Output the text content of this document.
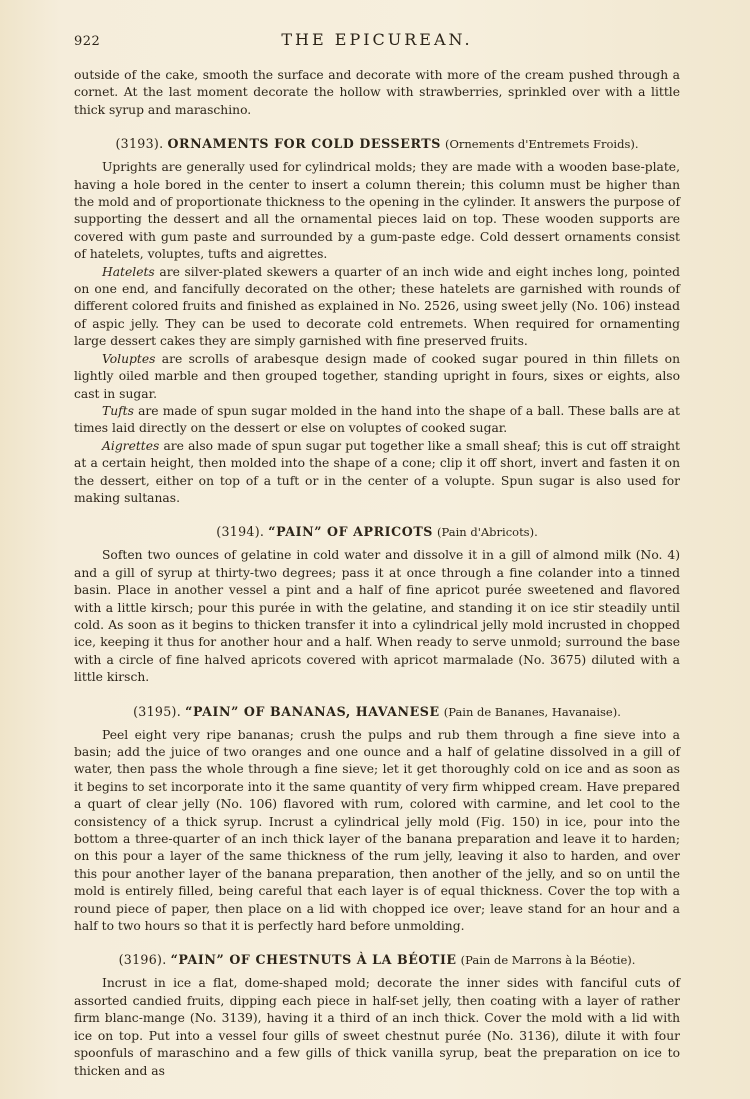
922	THE EPICUREAN.

outside of the cake, smooth the surface and decorate with more of the cream pushed through a cornet. At the last moment decorate the hollow with strawberries, sprinkled over with a little thick syrup and maraschino.

(3193). ORNAMENTS FOR COLD DESSERTS (Ornements d'Entremets Froids).

Uprights are generally used for cylindrical molds; they are made with a wooden base-plate, having a hole bored in the center to insert a column therein; this column must be higher than the mold and of proportionate thickness to the opening in the cylinder. It answers the purpose of supporting the dessert and all the ornamental pieces laid on top. These wooden supports are covered with gum paste and surrounded by a gum-paste edge. Cold dessert ornaments consist of hatelets, voluptes, tufts and aigrettes.

Hatelets are silver-plated skewers a quarter of an inch wide and eight inches long, pointed on one end, and fancifully decorated on the other; these hatelets are garnished with rounds of different colored fruits and finished as explained in No. 2526, using sweet jelly (No. 106) instead of aspic jelly. They can be used to decorate cold entremets. When required for ornamenting large dessert cakes they are simply garnished with fine preserved fruits.

Voluptes are scrolls of arabesque design made of cooked sugar poured in thin fillets on lightly oiled marble and then grouped together, standing upright in fours, sixes or eights, also cast in sugar.

Tufts are made of spun sugar molded in the hand into the shape of a ball. These balls are at times laid directly on the dessert or else on voluptes of cooked sugar.

Aigrettes are also made of spun sugar put together like a small sheaf; this is cut off straight at a certain height, then molded into the shape of a cone; clip it off short, invert and fasten it on the dessert, either on top of a tuft or in the center of a volupte. Spun sugar is also used for making sultanas.

(3194). “PAIN” OF APRICOTS (Pain d'Abricots).

Soften two ounces of gelatine in cold water and dissolve it in a gill of almond milk (No. 4) and a gill of syrup at thirty-two degrees; pass it at once through a fine colander into a tinned basin. Place in another vessel a pint and a half of fine apricot purée sweetened and flavored with a little kirsch; pour this purée in with the gelatine, and standing it on ice stir steadily until cold. As soon as it begins to thicken transfer it into a cylindrical jelly mold incrusted in chopped ice, keeping it thus for another hour and a half. When ready to serve unmold; surround the base with a circle of fine halved apricots covered with apricot marmalade (No. 3675) diluted with a little kirsch.

(3195). “PAIN” OF BANANAS, HAVANESE (Pain de Bananes, Havanaise).

Peel eight very ripe bananas; crush the pulps and rub them through a fine sieve into a basin; add the juice of two oranges and one ounce and a half of gelatine dissolved in a gill of water, then pass the whole through a fine sieve; let it get thoroughly cold on ice and as soon as it begins to set incorporate into it the same quantity of very firm whipped cream. Have prepared a quart of clear jelly (No. 106) flavored with rum, colored with carmine, and let cool to the consistency of a thick syrup. Incrust a cylindrical jelly mold (Fig. 150) in ice, pour into the bottom a three-quarter of an inch thick layer of the banana preparation and leave it to harden; on this pour a layer of the same thickness of the rum jelly, leaving it also to harden, and over this pour another layer of the banana preparation, then another of the jelly, and so on until the mold is entirely filled, being careful that each layer is of equal thickness. Cover the top with a round piece of paper, then place on a lid with chopped ice over; leave stand for an hour and a half to two hours so that it is perfectly hard before unmolding.

(3196). “PAIN” OF CHESTNUTS À LA BÉOTIE (Pain de Marrons à la Béotie).

Incrust in ice a flat, dome-shaped mold; decorate the inner sides with fanciful cuts of assorted candied fruits, dipping each piece in half-set jelly, then coating with a layer of rather firm blanc-mange (No. 3139), having it a third of an inch thick. Cover the mold with a lid with ice on top. Put into a vessel four gills of sweet chestnut purée (No. 3136), dilute it with four spoonfuls of maraschino and a few gills of thick vanilla syrup, beat the preparation on ice to thicken and as
